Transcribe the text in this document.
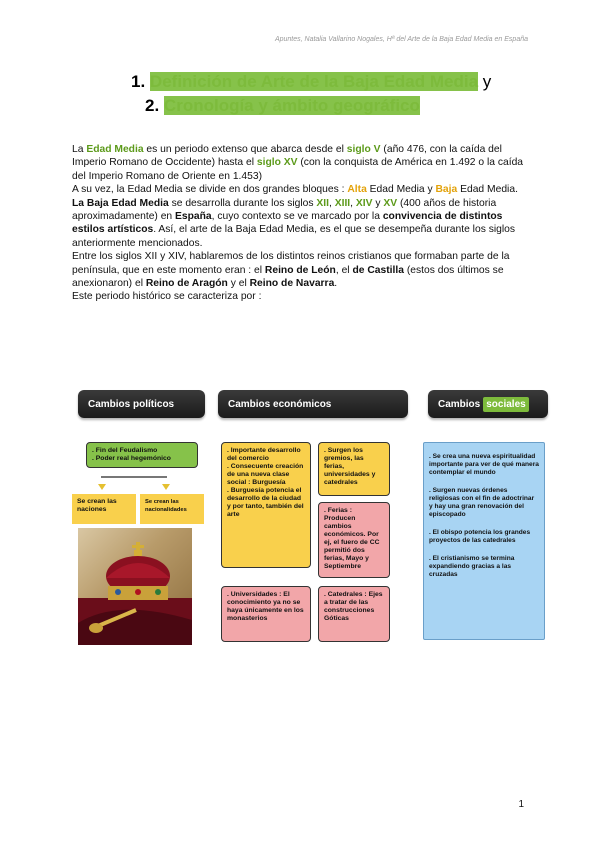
Apuntes, Natalia Vallarino Nogales, Hª del Arte de la Baja Edad Media en España
1. Definición de Arte de la Baja Edad Media y
2. Cronología y ámbito geográfico

La Edad Media es un periodo extenso que abarca desde el siglo V (año 476, con la caída del Imperio Romano de Occidente) hasta el siglo XV (con la conquista de América en 1.492 o la caída del Imperio Romano de Oriente en 1.453)

A su vez, la Edad Media se divide en dos grandes bloques : Alta Edad Media y Baja Edad Media. La Baja Edad Media se desarrolla durante los siglos XII, XIII, XIV y XV (400 años de historia aproximadamente) en España, cuyo contexto se ve marcado por la convivencia de distintos estilos artísticos. Así, el arte de la Baja Edad Media, es el que se desempeña durante los siglos anteriormente mencionados.

Entre los siglos XII y XIV, hablaremos de los distintos reinos cristianos que formaban parte de la península, que en este momento eran : el Reino de León, el de Castilla (estos dos últimos se anexionaron) el Reino de Aragón y el Reino de Navarra.

Este periodo histórico se caracteriza por :

Cambios políticos	Cambios económicos	Cambios sociales
. Fin del Feudalismo
. Poder real hegemónico
Se crean las naciones
Se crean las nacionalidades
. Importante desarrollo del comercio
. Consecuente creación de una nueva clase social : Burguesía
. Burguesía potencia el desarrollo de la ciudad y por tanto, también del arte
. Surgen los gremios, las ferias, universidades y catedrales
. Ferias : Producen cambios económicos. Por ej, el fuero de CC permitió dos ferias, Mayo y Septiembre
. Universidades : El conocimiento ya no se haya únicamente en los monasterios
. Catedrales : Ejes a tratar de las construcciones Góticas

. Se crea una nueva espiritualidad importante para ver de qué manera contemplar el mundo

. Surgen nuevas órdenes religiosas con el fin de adoctrinar y hay una gran renovación del episcopado

. El obispo potencia los grandes proyectos de las catedrales

. El cristianismo se termina expandiendo gracias a las cruzadas

1
